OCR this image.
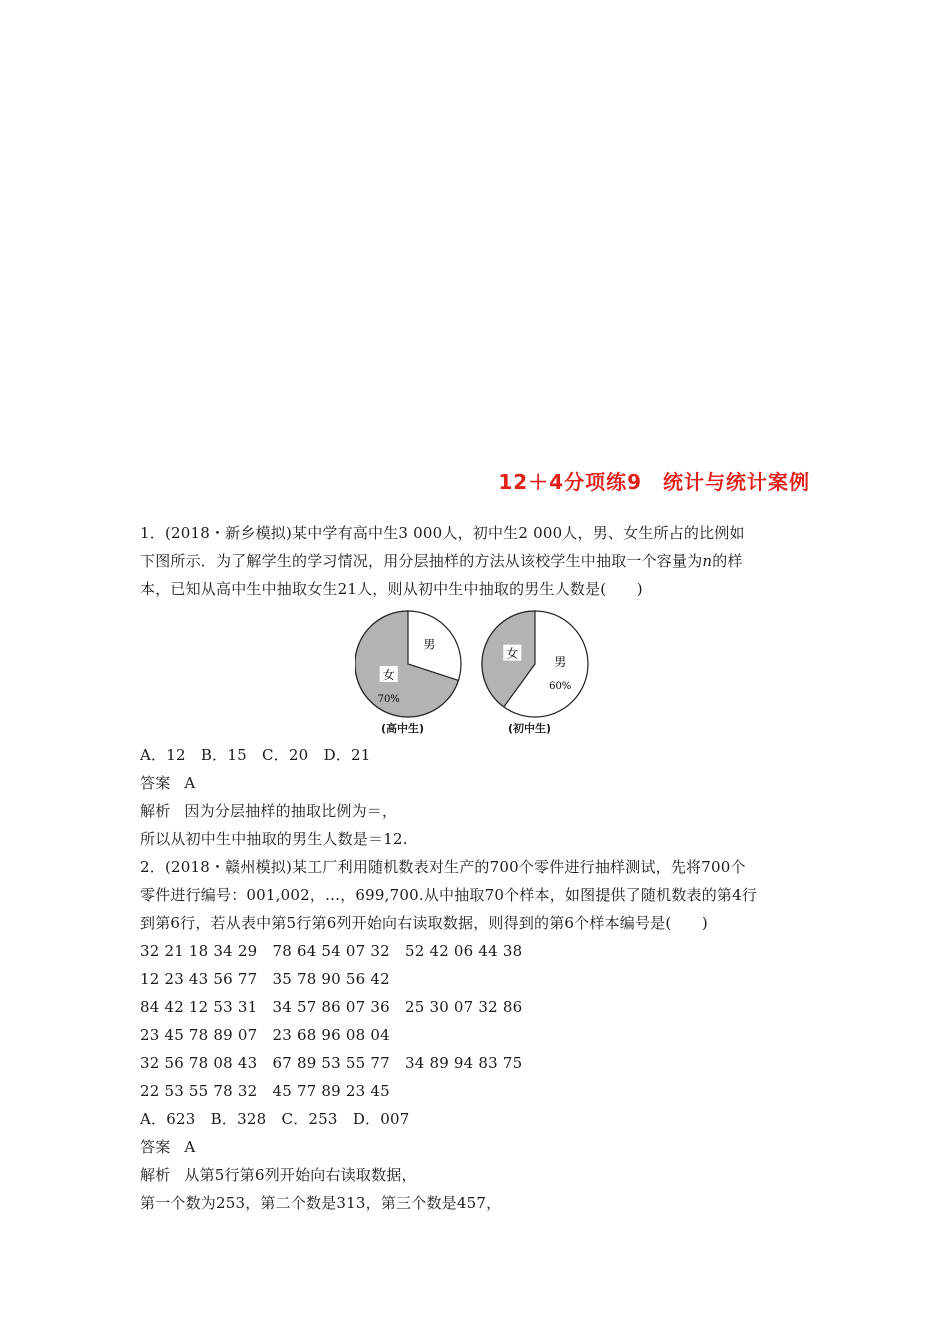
12＋4分项练9　统计与统计案例
1．(2018・新乡模拟)某中学有高中生3 000人，初中生2 000人，男、女生所占的比例如
下图所示．为了解学生的学习情况，用分层抽样的方法从该校学生中抽取一个容量为n的样
本，已知从高中生中抽取女生21人，则从初中生中抽取的男生人数是(　　)
女
70%
男
女
男
60%
(高中生)	(初中生)
A．12　B．15　C．20　D．21
答案 A
解析 因为分层抽样的抽取比例为＝，
所以从初中生中抽取的男生人数是＝12.
2．(2018・赣州模拟)某工厂利用随机数表对生产的700个零件进行抽样测试，先将700个
零件进行编号：001,002，…，699,700.从中抽取70个样本，如图提供了随机数表的第4行
到第6行，若从表中第5行第6列开始向右读取数据，则得到的第6个样本编号是(　　)
32 21 18 34 29　78 64 54 07 32　52 42 06 44 38
12 23 43 56 77　35 78 90 56 42
84 42 12 53 31　34 57 86 07 36　25 30 07 32 86
23 45 78 89 07　23 68 96 08 04
32 56 78 08 43　67 89 53 55 77　34 89 94 83 75
22 53 55 78 32　45 77 89 23 45
A．623　B．328　C．253　D．007
答案 A
解析 从第5行第6列开始向右读取数据，
第一个数为253，第二个数是313，第三个数是457，
